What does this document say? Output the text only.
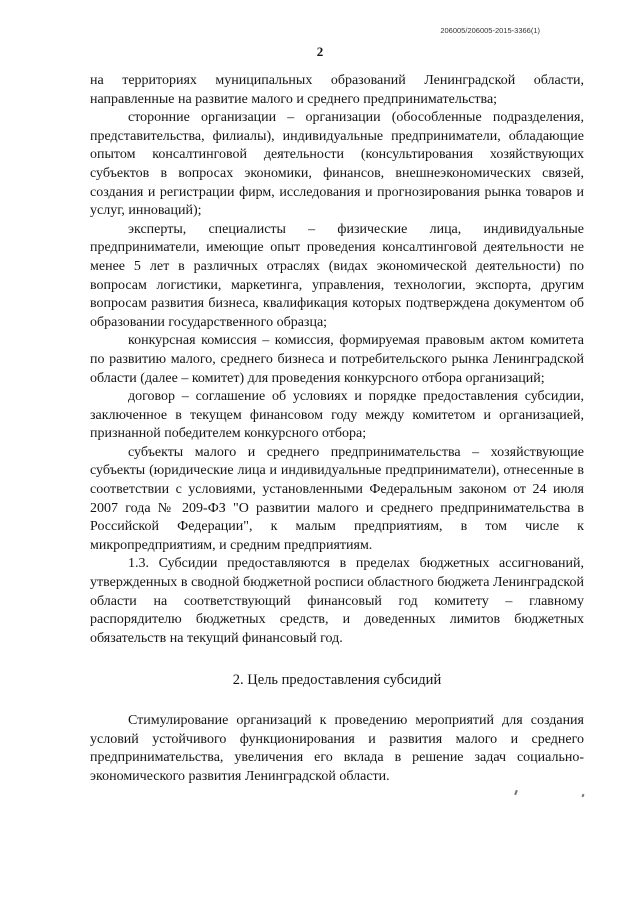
206005/206005-2015-3366(1)
2

на территориях муниципальных образований Ленинградской области, направленные на развитие малого и среднего предпринимательства;

сторонние организации – организации (обособленные подразделения, представительства, филиалы), индивидуальные предприниматели, обладающие опытом консалтинговой деятельности (консультирования хозяйствующих субъектов в вопросах экономики, финансов, внешнеэкономических связей, создания и регистрации фирм, исследования и прогнозирования рынка товаров и услуг, инноваций);

эксперты, специалисты – физические лица, индивидуальные предприниматели, имеющие опыт проведения консалтинговой деятельности не менее 5 лет в различных отраслях (видах экономической деятельности) по вопросам логистики, маркетинга, управления, технологии, экспорта, другим вопросам развития бизнеса, квалификация которых подтверждена документом об образовании государственного образца;

конкурсная комиссия – комиссия, формируемая правовым актом комитета по развитию малого, среднего бизнеса и потребительского рынка Ленинградской области (далее – комитет) для проведения конкурсного отбора организаций;

договор – соглашение об условиях и порядке предоставления субсидии, заключенное в текущем финансовом году между комитетом и организацией, признанной победителем конкурсного отбора;

субъекты малого и среднего предпринимательства – хозяйствующие субъекты (юридические лица и индивидуальные предприниматели), отнесенные в соответствии с условиями, установленными Федеральным законом от 24 июля 2007 года № 209-ФЗ "О развитии малого и среднего предпринимательства в Российской Федерации", к малым предприятиям, в том числе к микропредприятиям, и средним предприятиям.

1.3. Субсидии предоставляются в пределах бюджетных ассигнований, утвержденных в сводной бюджетной росписи областного бюджета Ленинградской области на соответствующий финансовый год комитету – главному распорядителю бюджетных средств, и доведенных лимитов бюджетных обязательств на текущий финансовый год.

2. Цель предоставления субсидий

Стимулирование организаций к проведению мероприятий для создания условий устойчивого функционирования и развития малого и среднего предпринимательства, увеличения его вклада в решение задач социально-экономического развития Ленинградской области.
